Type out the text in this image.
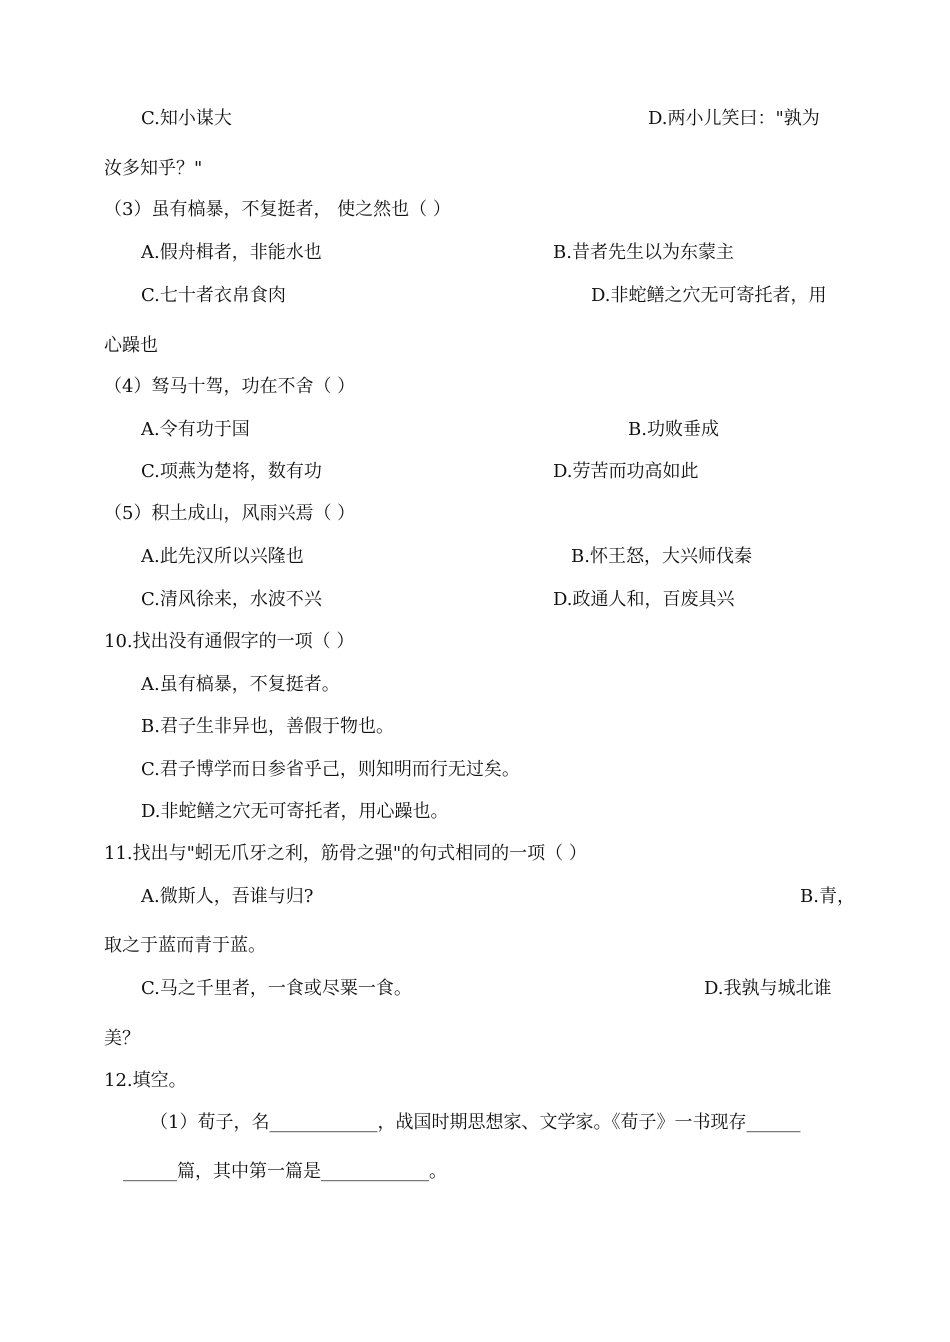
C.知小谋大	D.两小儿笑曰："孰为

汝多知乎？"

（3）虽有槁暴，不复挺者， 使之然也（ ）

A.假舟楫者，非能水也	B.昔者先生以为东蒙主

C.七十者衣帛食肉	D.非蛇鳝之穴无可寄托者，用

心躁也

（4）驽马十驾，功在不舍（ ）

A.令有功于国	B.功败垂成

C.项燕为楚将，数有功	D.劳苦而功高如此

（5）积土成山，风雨兴焉（ ）

A.此先汉所以兴隆也	B.怀王怒，大兴师伐秦

C.清风徐来，水波不兴	D.政通人和，百废具兴

10.找出没有通假字的一项（ ）

A.虽有槁暴，不复挺者。

B.君子生非异也，善假于物也。

C.君子博学而日参省乎己，则知明而行无过矣。

D.非蛇鳝之穴无可寄托者，用心躁也。

11.找出与"蚓无爪牙之利，筋骨之强"的句式相同的一项（ ）

A.微斯人，吾谁与归?	B.青，

取之于蓝而青于蓝。

C.马之千里者，一食或尽粟一食。	D.我孰与城北谁

美？

12.填空。

（1）荀子，名____________，战国时期思想家、文学家。《荀子》一书现存______

______篇，其中第一篇是____________。
